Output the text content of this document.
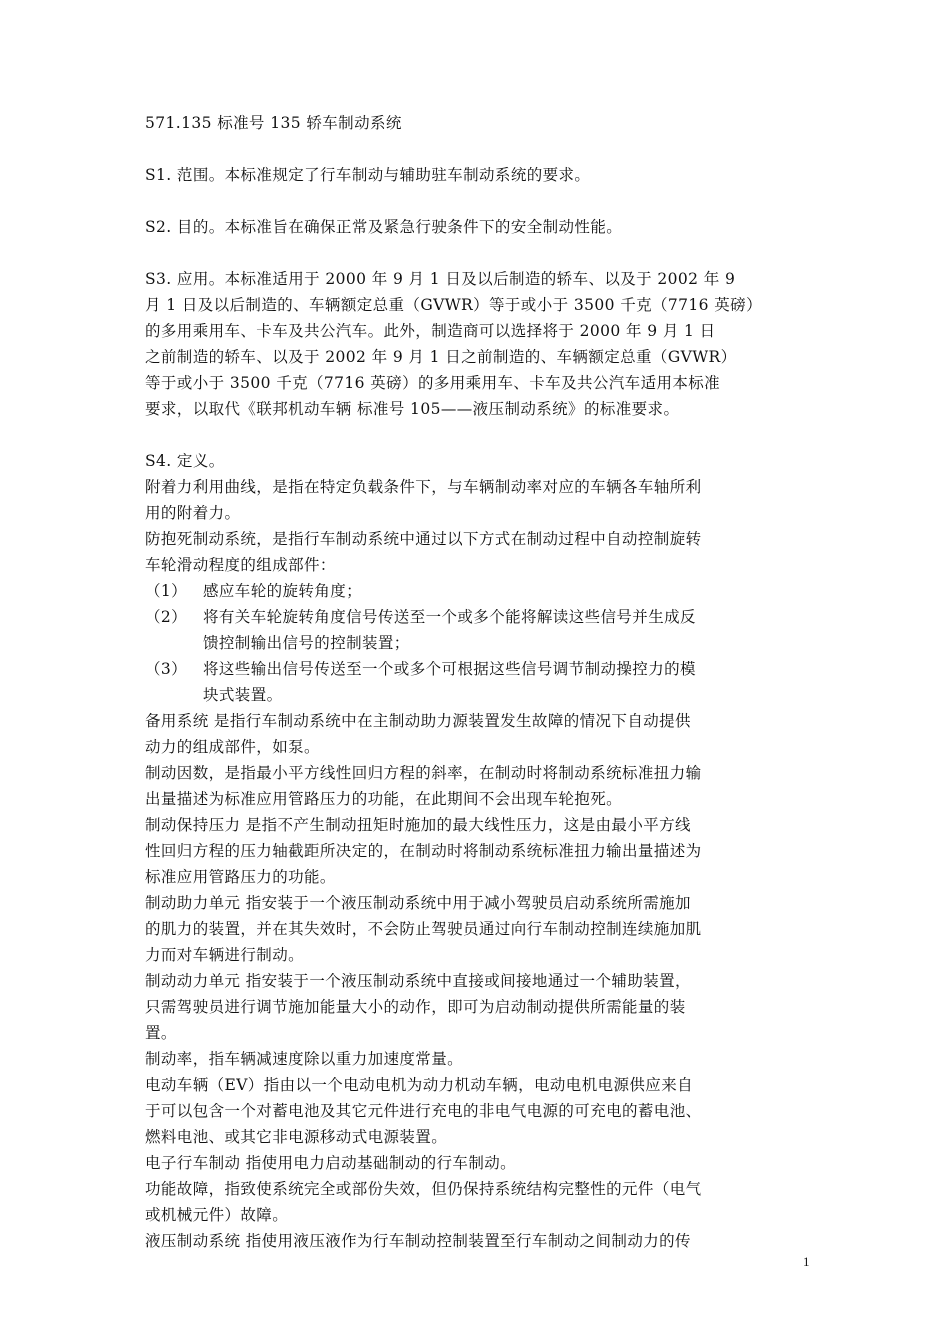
571.135 标准号 135 轿车制动系统
S1. 范围。本标准规定了行车制动与辅助驻车制动系统的要求。
S2. 目的。本标准旨在确保正常及紧急行驶条件下的安全制动性能。
S3. 应用。本标准适用于 2000 年 9 月 1 日及以后制造的轿车、以及于 2002 年 9
月 1 日及以后制造的、车辆额定总重（GVWR）等于或小于 3500 千克（7716 英磅）
的多用乘用车、卡车及共公汽车。此外，制造商可以选择将于 2000 年 9 月 1 日
之前制造的轿车、以及于 2002 年 9 月 1 日之前制造的、车辆额定总重（GVWR）
等于或小于 3500 千克（7716 英磅）的多用乘用车、卡车及共公汽车适用本标准
要求，以取代《联邦机动车辆 标准号 105——液压制动系统》的标准要求。
S4. 定义。
附着力利用曲线，是指在特定负载条件下，与车辆制动率对应的车辆各车轴所利
用的附着力。
防抱死制动系统，是指行车制动系统中通过以下方式在制动过程中自动控制旋转
车轮滑动程度的组成部件：
（1）	感应车轮的旋转角度；
（2）	将有关车轮旋转角度信号传送至一个或多个能将解读这些信号并生成反
馈控制输出信号的控制装置；
（3）	将这些输出信号传送至一个或多个可根据这些信号调节制动操控力的模
块式装置。
备用系统 是指行车制动系统中在主制动助力源装置发生故障的情况下自动提供
动力的组成部件，如泵。
制动因数，是指最小平方线性回归方程的斜率，在制动时将制动系统标准扭力输
出量描述为标准应用管路压力的功能，在此期间不会出现车轮抱死。
制动保持压力 是指不产生制动扭矩时施加的最大线性压力，这是由最小平方线
性回归方程的压力轴截距所决定的，在制动时将制动系统标准扭力输出量描述为
标准应用管路压力的功能。
制动助力单元 指安装于一个液压制动系统中用于减小驾驶员启动系统所需施加
的肌力的装置，并在其失效时，不会防止驾驶员通过向行车制动控制连续施加肌
力而对车辆进行制动。
制动动力单元 指安装于一个液压制动系统中直接或间接地通过一个辅助装置，
只需驾驶员进行调节施加能量大小的动作，即可为启动制动提供所需能量的装
置。
制动率，指车辆减速度除以重力加速度常量。
电动车辆（EV）指由以一个电动电机为动力机动车辆，电动电机电源供应来自
于可以包含一个对蓄电池及其它元件进行充电的非电气电源的可充电的蓄电池、
燃料电池、或其它非电源移动式电源装置。
电子行车制动 指使用电力启动基础制动的行车制动。
功能故障，指致使系统完全或部份失效，但仍保持系统结构完整性的元件（电气
或机械元件）故障。
液压制动系统 指使用液压液作为行车制动控制装置至行车制动之间制动力的传
1
